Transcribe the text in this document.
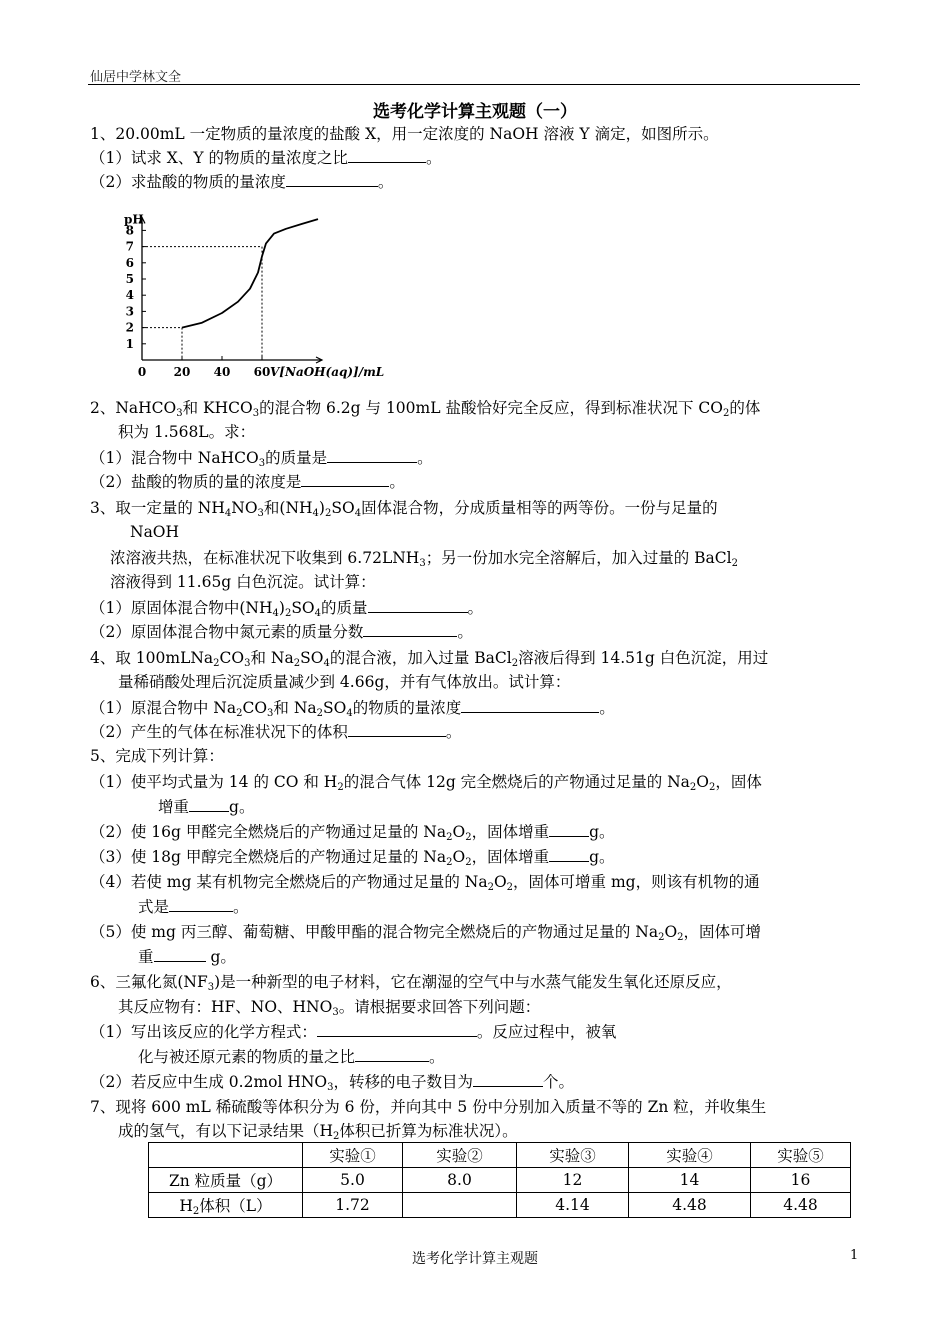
仙居中学林文全
选考化学计算主观题（一）
1、20.00mL 一定物质的量浓度的盐酸 X，用一定浓度的 NaOH 溶液 Y 滴定，如图所示。
（1）试求 X、Y 的物质的量浓度之比	。
（2）求盐酸的物质的量浓度	。
1
2
3
4
5
6
7
8
0 20 40 60
pH
V[NaOH(aq)]/mL
2、NaHCO$_3$和 $KHCO_3$的混合物 6.2g 与 100mL 盐酸恰好完全反应，得到标准状况下 $CO_2$的体
积为 1.568L。求：
（1）混合物中 NaHCO$_3$的质量是	。
（2）盐酸的物质的量的浓度是	。
3、取一定量的 $NH_4NO_3$和$(NH_4)_2SO_4$固体混合物，分成质量相等的两等份。一份与足量的
NaOH
浓溶液共热，在标准状况下收集到 $6.72LNH_3$；另一份加水完全溶解后，加入过量的 BaCl$_2$
溶液得到 11.65g 白色沉淀。试计算：
（1）原固体混合物中$(NH_4)_2SO_4$的质量	。
（2）原固体混合物中氮元素的质量分数	。
4、取 $100mLNa_2CO_3$和 $Na_2SO_4$的混合液，加入过量 BaCl$_2$溶液后得到 14.51g 白色沉淀，用过
量稀硝酸处理后沉淀质量减少到 4.66g，并有气体放出。试计算：
（1）原混合物中 $Na_2CO_3$和 $Na_2SO_4$的物质的量浓度	。
（2）产生的气体在标准状况下的体积	。
5、完成下列计算：
（1）使平均式量为 14 的 CO 和 $H_2$的混合气体 12g 完全燃烧后的产物通过足量的 $Na_2O_2$，固体
增重	g。
（2）使 16g 甲醛完全燃烧后的产物通过足量的 $Na_2O_2$，固体增重	g。
（3）使 18g 甲醇完全燃烧后的产物通过足量的 $Na_2O_2$，固体增重	g。
（4）若使 mg 某有机物完全燃烧后的产物通过足量的 $Na_2O_2$，固体可增重 mg，则该有机物的通
式是	。
（5）使 mg 丙三醇、葡萄糖、甲酸甲酯的混合物完全燃烧后的产物通过足量的 $Na_2O_2$，固体可增
重	g。
6、三氟化氮$(NF_3)$是一种新型的电子材料，它在潮湿的空气中与水蒸气能发生氧化还原反应，
其反应物有：HF、NO、$HNO_3$。请根据要求回答下列问题：
（1）写出该反应的化学方程式：	。反应过程中，被氧
化与被还原元素的物质的量之比	。
（2）若反应中生成 0.2mol $HNO_3$，转移的电子数目为	个。
7、现将 600 mL 稀硫酸等体积分为 6 份，并向其中 5 份中分别加入质量不等的 Zn 粒，并收集生
成的氢气，有以下记录结果（$H_2$体积已折算为标准状况）。
	实验①	实验②	实验③	实验④	实验⑤
Zn 粒质量（g）	5.0	8.0	12	14	16
$H_2$体积（L）	1.72		4.14	4.48	4.48
选考化学计算主观题	1
